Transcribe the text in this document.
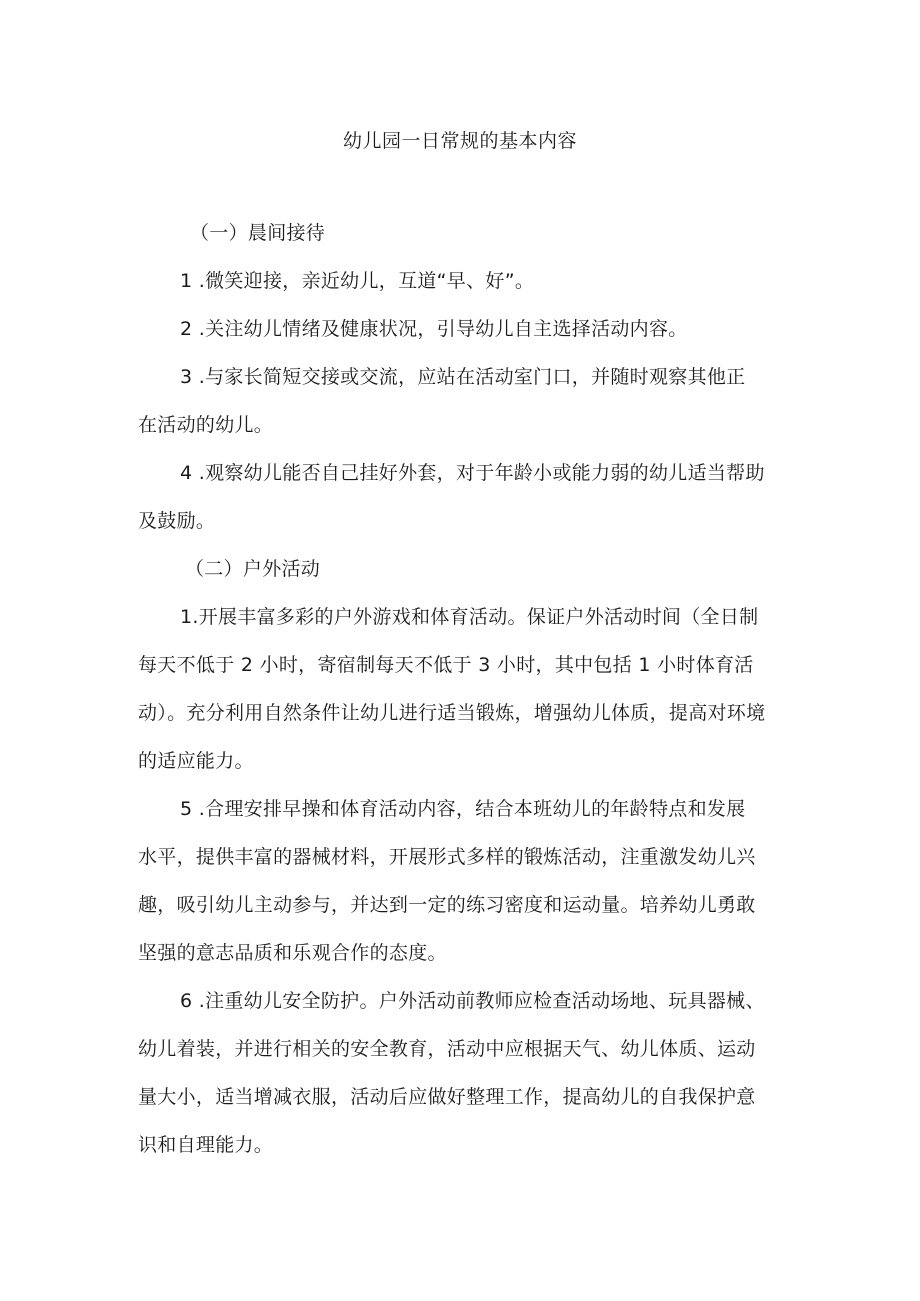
幼儿园一日常规的基本内容
（一）晨间接待
1 .微笑迎接，亲近幼儿，互道“早、好”。
2 .关注幼儿情绪及健康状况，引导幼儿自主选择活动内容。
3 .与家长简短交接或交流，应站在活动室门口，并随时观察其他正
在活动的幼儿。
4 .观察幼儿能否自己挂好外套，对于年龄小或能力弱的幼儿适当帮助
及鼓励。
（二）户外活动
1.开展丰富多彩的户外游戏和体育活动。保证户外活动时间（全日制
每天不低于 2 小时，寄宿制每天不低于 3 小时，其中包括 1 小时体育活
动）。充分利用自然条件让幼儿进行适当锻炼，增强幼儿体质，提高对环境
的适应能力。
5 .合理安排早操和体育活动内容，结合本班幼儿的年龄特点和发展
水平，提供丰富的器械材料，开展形式多样的锻炼活动，注重激发幼儿兴
趣，吸引幼儿主动参与，并达到一定的练习密度和运动量。培养幼儿勇敢
坚强的意志品质和乐观合作的态度。
6 .注重幼儿安全防护。户外活动前教师应检查活动场地、玩具器械、
幼儿着装，并进行相关的安全教育，活动中应根据天气、幼儿体质、运动
量大小，适当增减衣服，活动后应做好整理工作，提高幼儿的自我保护意
识和自理能力。
